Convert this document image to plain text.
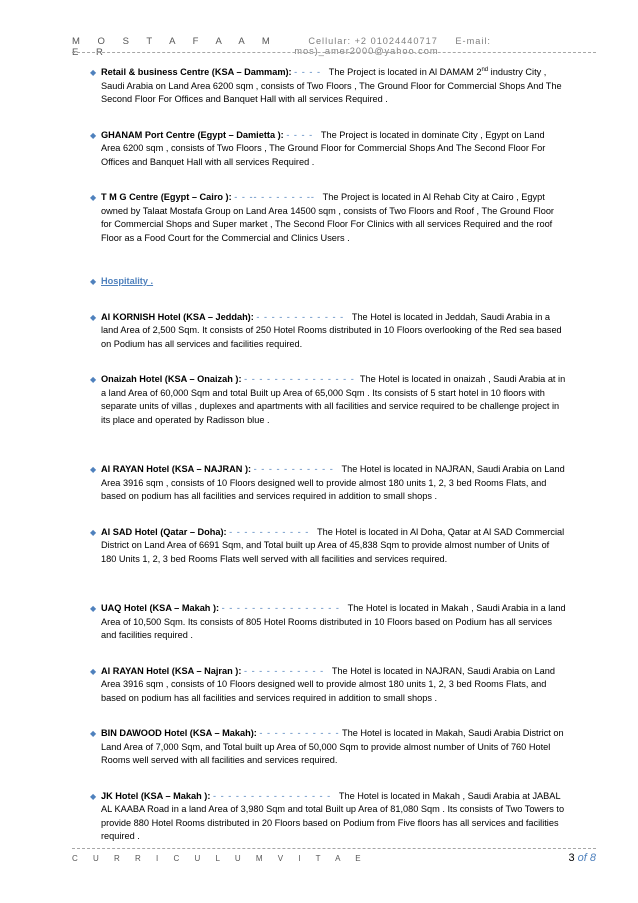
M O S T A F A A M E R
Cellular: +2 01024440717 E-mail: mos)_amer2000@yahoo.com
◆ Retail & business Centre (KSA – Dammam): - - - - The Project is located in Al DAMAM 2nd industry City , Saudi Arabia on Land Area 6200 sqm , consists of Two Floors , The Ground Floor for Commercial Shops And The Second Floor For Offices and Banquet Hall with all services Required .
◆ GHANAM Port Centre (Egypt – Damietta ): - - - - The Project is located in dominate City , Egypt on Land Area 6200 sqm , consists of Two Floors , The Ground Floor for Commercial Shops And The Second Floor For Offices and Banquet Hall with all services Required .
◆ T M G Centre (Egypt – Cairo ): - - -- - - - - - - -- The Project is located in Al Rehab City at Cairo , Egypt owned by Talaat Mostafa Group on Land Area 14500 sqm , consists of Two Floors and Roof , The Ground Floor for Commercial Shops and Super market , The Second Floor For Clinics with all services Required and the roof Floor as a Food Court for the Commercial and Clinics Users .
◆ Hospitality .
◆ Al KORNISH Hotel (KSA – Jeddah): - - - - - - - - - - - - The Hotel is located in Jeddah, Saudi Arabia in a land Area of 2,500 Sqm. It consists of 250 Hotel Rooms distributed in 10 Floors overlooking of the Red sea based on Podium has all services and facilities required.
◆ Onaizah Hotel (KSA – Onaizah ): - - - - - - - - - - - - - - - The Hotel is located in onaizah , Saudi Arabia at in a land Area of 60,000 Sqm and total Built up Area of 65,000 Sqm . Its consists of 5 start hotel in 10 floors with separate units of villas , duplexes and apartments with all facilities and service required to be challenge project in its place and operated by Radisson blue .
◆ Al RAYAN Hotel (KSA – NAJRAN ): - - - - - - - - - - - The Hotel is located in NAJRAN, Saudi Arabia on Land Area 3916 sqm , consists of 10 Floors designed well to provide almost 180 units 1, 2, 3 bed Rooms Flats, and based on podium has all facilities and services required in addition to small shops .
◆ Al SAD Hotel (Qatar – Doha): - - - - - - - - - - - The Hotel is located in Al Doha, Qatar at Al SAD Commercial District on Land Area of 6691 Sqm, and Total built up Area of 45,838 Sqm to provide almost number of Units of 180 Units 1, 2, 3 bed Rooms Flats well served with all facilities and services required.
◆ UAQ Hotel (KSA – Makah ): - - - - - - - - - - - - - - - - The Hotel is located in Makah , Saudi Arabia in a land Area of 10,500 Sqm. Its consists of 805 Hotel Rooms distributed in 10 Floors based on Podium has all services and facilities required .
◆ Al RAYAN Hotel (KSA – Najran ): - - - - - - - - - - - The Hotel is located in NAJRAN, Saudi Arabia on Land Area 3916 sqm , consists of 10 Floors designed well to provide almost 180 units 1, 2, 3 bed Rooms Flats, and based on podium has all facilities and services required in addition to small shops .
◆ BIN DAWOOD Hotel (KSA – Makah): - - - - - - - - - - - The Hotel is located in Makah, Saudi Arabia District on Land Area of 7,000 Sqm, and Total built up Area of 50,000 Sqm to provide almost number of Units of 760 Hotel Rooms well served with all facilities and services required.
◆ JK Hotel (KSA – Makah ): - - - - - - - - - - - - - - - - The Hotel is located in Makah , Saudi Arabia at JABAL AL KAABA Road in a land Area of 3,980 Sqm and total Built up Area of 81,080 Sqm . Its consists of Two Towers to provide 880 Hotel Rooms distributed in 20 Floors based on Podium from Five floors has all services and facilities required .
C U R R I C U L U M V I T A E	3 of 8
